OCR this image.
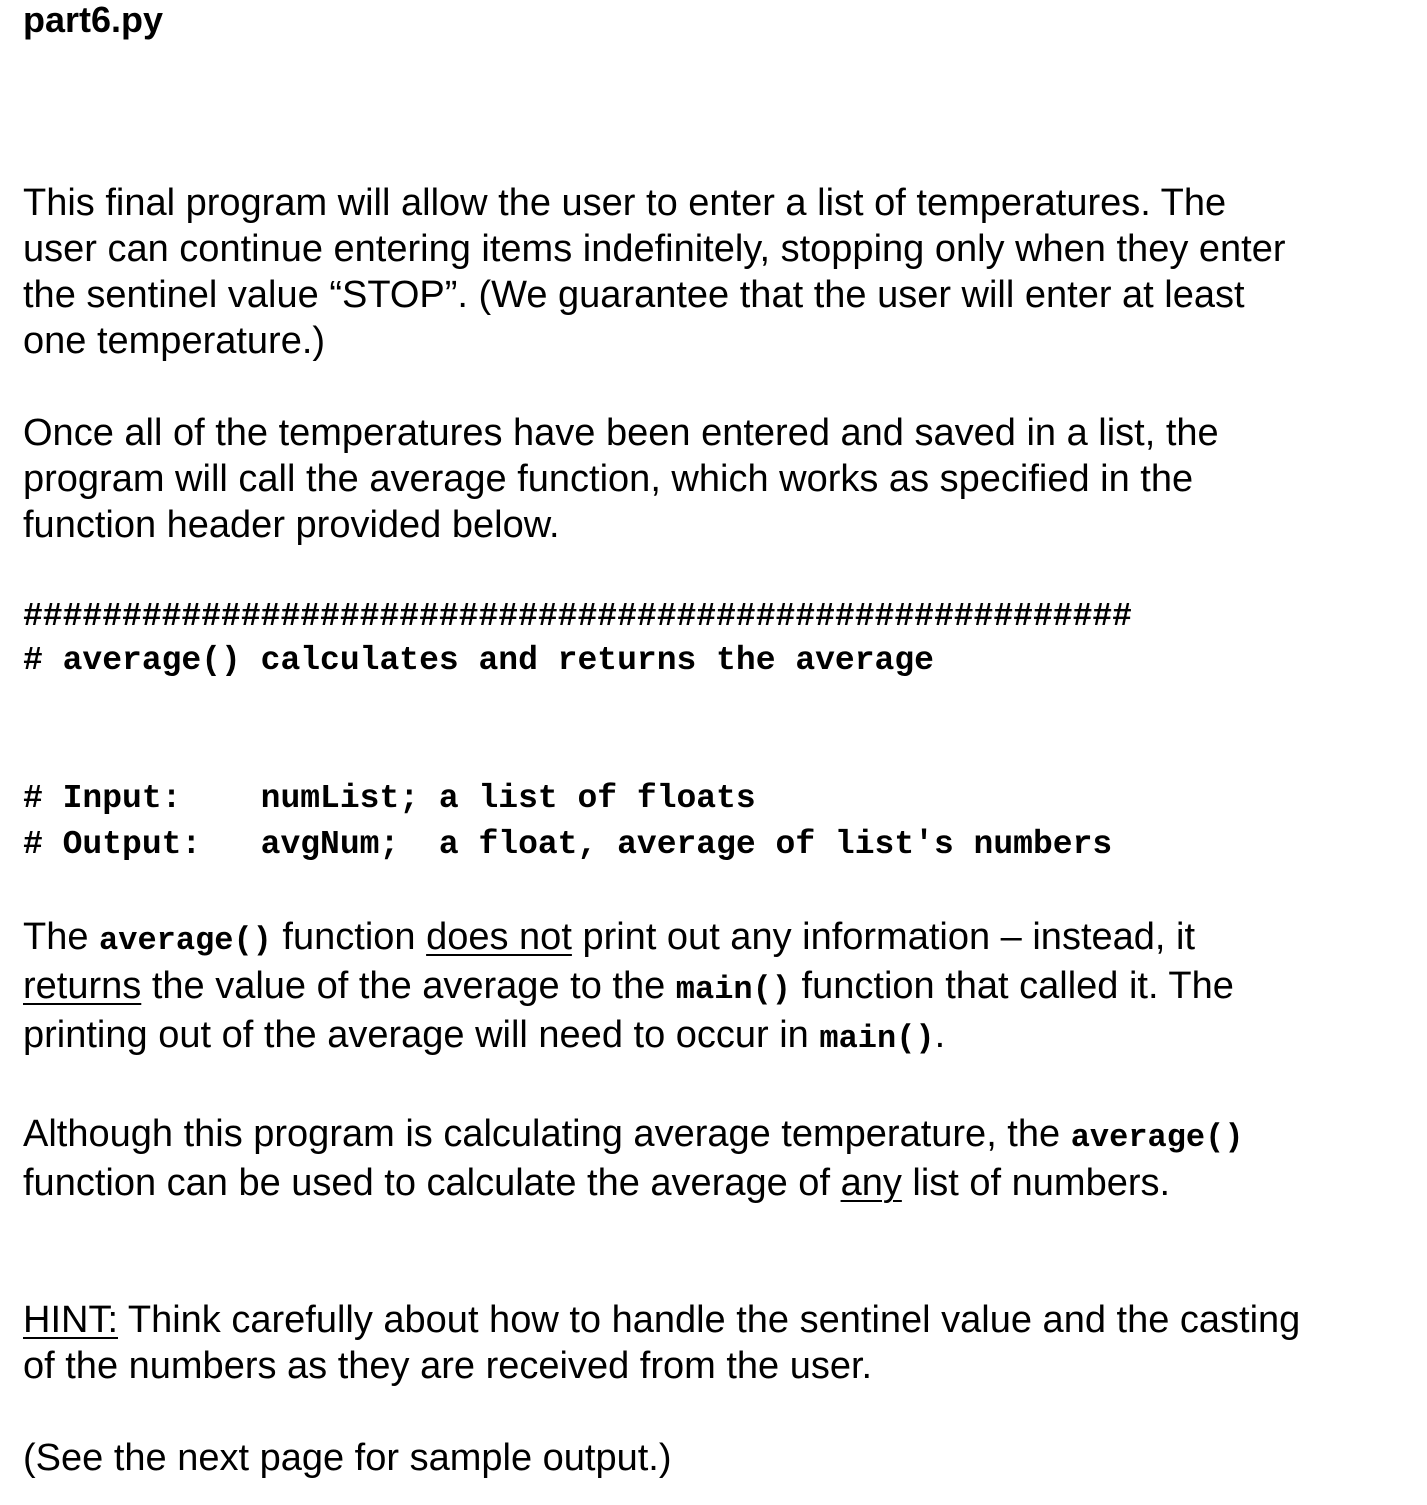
part6.py
This final program will allow the user to enter a list of temperatures. The
user can continue entering items indefinitely, stopping only when they enter
the sentinel value “STOP”. (We guarantee that the user will enter at least
one temperature.)
Once all of the temperatures have been entered and saved in a list, the
program will call the average function, which works as specified in the
function header provided below.
########################################################
# average() calculates and returns the average
# Input:    numList; a list of floats
# Output:   avgNum;  a float, average of list's numbers
The average() function does not print out any information – instead, it
returns the value of the average to the main() function that called it. The
printing out of the average will need to occur in main().
Although this program is calculating average temperature, the average()
function can be used to calculate the average of any list of numbers.
HINT: Think carefully about how to handle the sentinel value and the casting
of the numbers as they are received from the user.
(See the next page for sample output.)
